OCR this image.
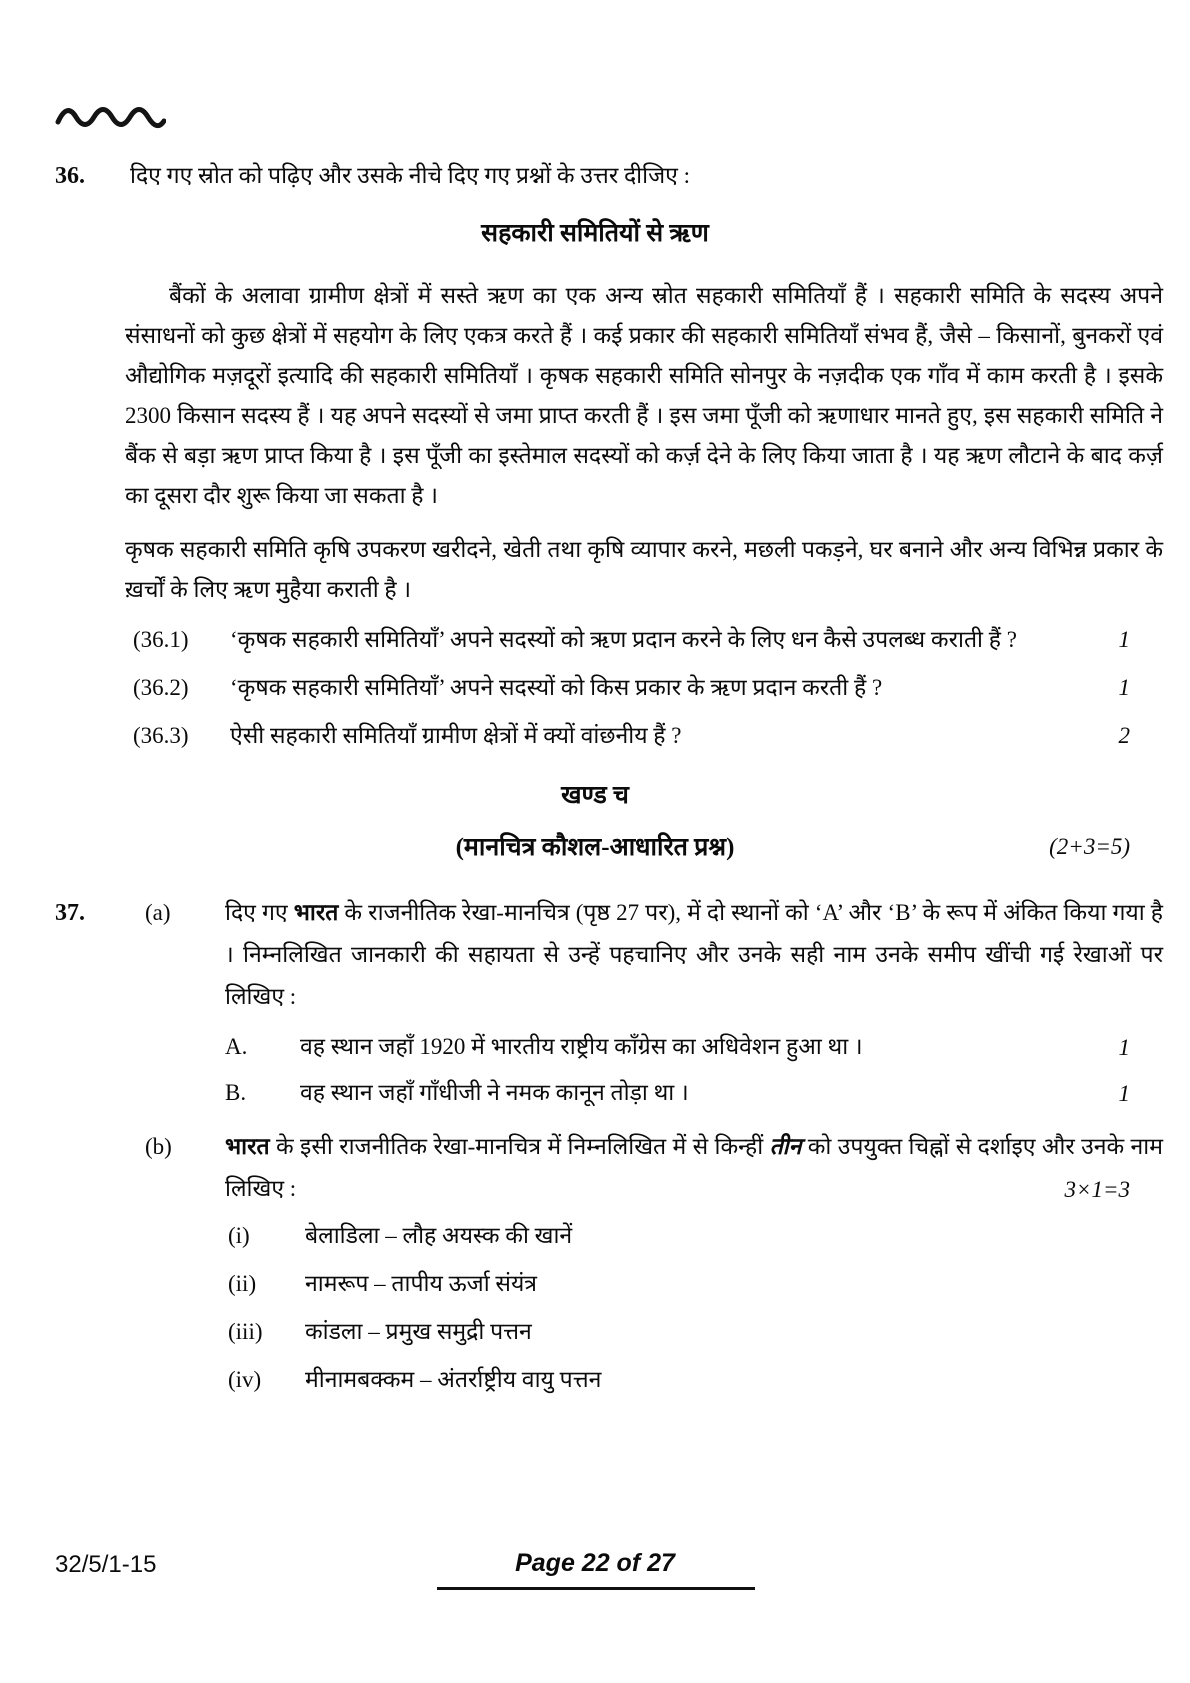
36.	दिए गए स्रोत को पढ़िए और उसके नीचे दिए गए प्रश्नों के उत्तर दीजिए :
सहकारी समितियों से ऋण

बैंकों के अलावा ग्रामीण क्षेत्रों में सस्ते ऋण का एक अन्य स्रोत सहकारी समितियाँ हैं । सहकारी समिति के सदस्य अपने संसाधनों को कुछ क्षेत्रों में सहयोग के लिए एकत्र करते हैं । कई प्रकार की सहकारी समितियाँ संभव हैं, जैसे – किसानों, बुनकरों एवं औद्योगिक मज़दूरों इत्यादि की सहकारी समितियाँ । कृषक सहकारी समिति सोनपुर के नज़दीक एक गाँव में काम करती है । इसके 2300 किसान सदस्य हैं । यह अपने सदस्यों से जमा प्राप्त करती हैं । इस जमा पूँजी को ऋणाधार मानते हुए, इस सहकारी समिति ने बैंक से बड़ा ऋण प्राप्त किया है । इस पूँजी का इस्तेमाल सदस्यों को कर्ज़ देने के लिए किया जाता है । यह ऋण लौटाने के बाद कर्ज़ का दूसरा दौर शुरू किया जा सकता है ।

कृषक सहकारी समिति कृषि उपकरण खरीदने, खेती तथा कृषि व्यापार करने, मछली पकड़ने, घर बनाने और अन्य विभिन्न प्रकार के ख़र्चों के लिए ऋण मुहैया कराती है ।

(36.1)	‘कृषक सहकारी समितियाँ’ अपने सदस्यों को ऋण प्रदान करने के लिए धन कैसे उपलब्ध कराती हैं ?	1
(36.2)	‘कृषक सहकारी समितियाँ’ अपने सदस्यों को किस प्रकार के ऋण प्रदान करती हैं ?	1
(36.3)	ऐसी सहकारी समितियाँ ग्रामीण क्षेत्रों में क्यों वांछनीय हैं ?	2
खण्ड च
(मानचित्र कौशल-आधारित प्रश्न)	(2+3=5)
37.	(a)	दिए गए भारत के राजनीतिक रेखा-मानचित्र (पृष्ठ 27 पर), में दो स्थानों को ‘A’ और ‘B’ के रूप में अंकित किया गया है । निम्नलिखित जानकारी की सहायता से उन्हें पहचानिए और उनके सही नाम उनके समीप खींची गई रेखाओं पर लिखिए :
A.	वह स्थान जहाँ 1920 में भारतीय राष्ट्रीय काँग्रेस का अधिवेशन हुआ था ।	1
B.	वह स्थान जहाँ गाँधीजी ने नमक कानून तोड़ा था ।	1
(b)	भारत के इसी राजनीतिक रेखा-मानचित्र में निम्नलिखित में से किन्हीं तीन को उपयुक्त चिह्नों से दर्शाइए और उनके नाम लिखिए :	3×1=3
(i)	बेलाडिला – लौह अयस्क की खानें
(ii)	नामरूप – तापीय ऊर्जा संयंत्र
(iii)	कांडला – प्रमुख समुद्री पत्तन
(iv)	मीनामबक्कम – अंतर्राष्ट्रीय वायु पत्तन
32/5/1-15	Page 22 of 27
